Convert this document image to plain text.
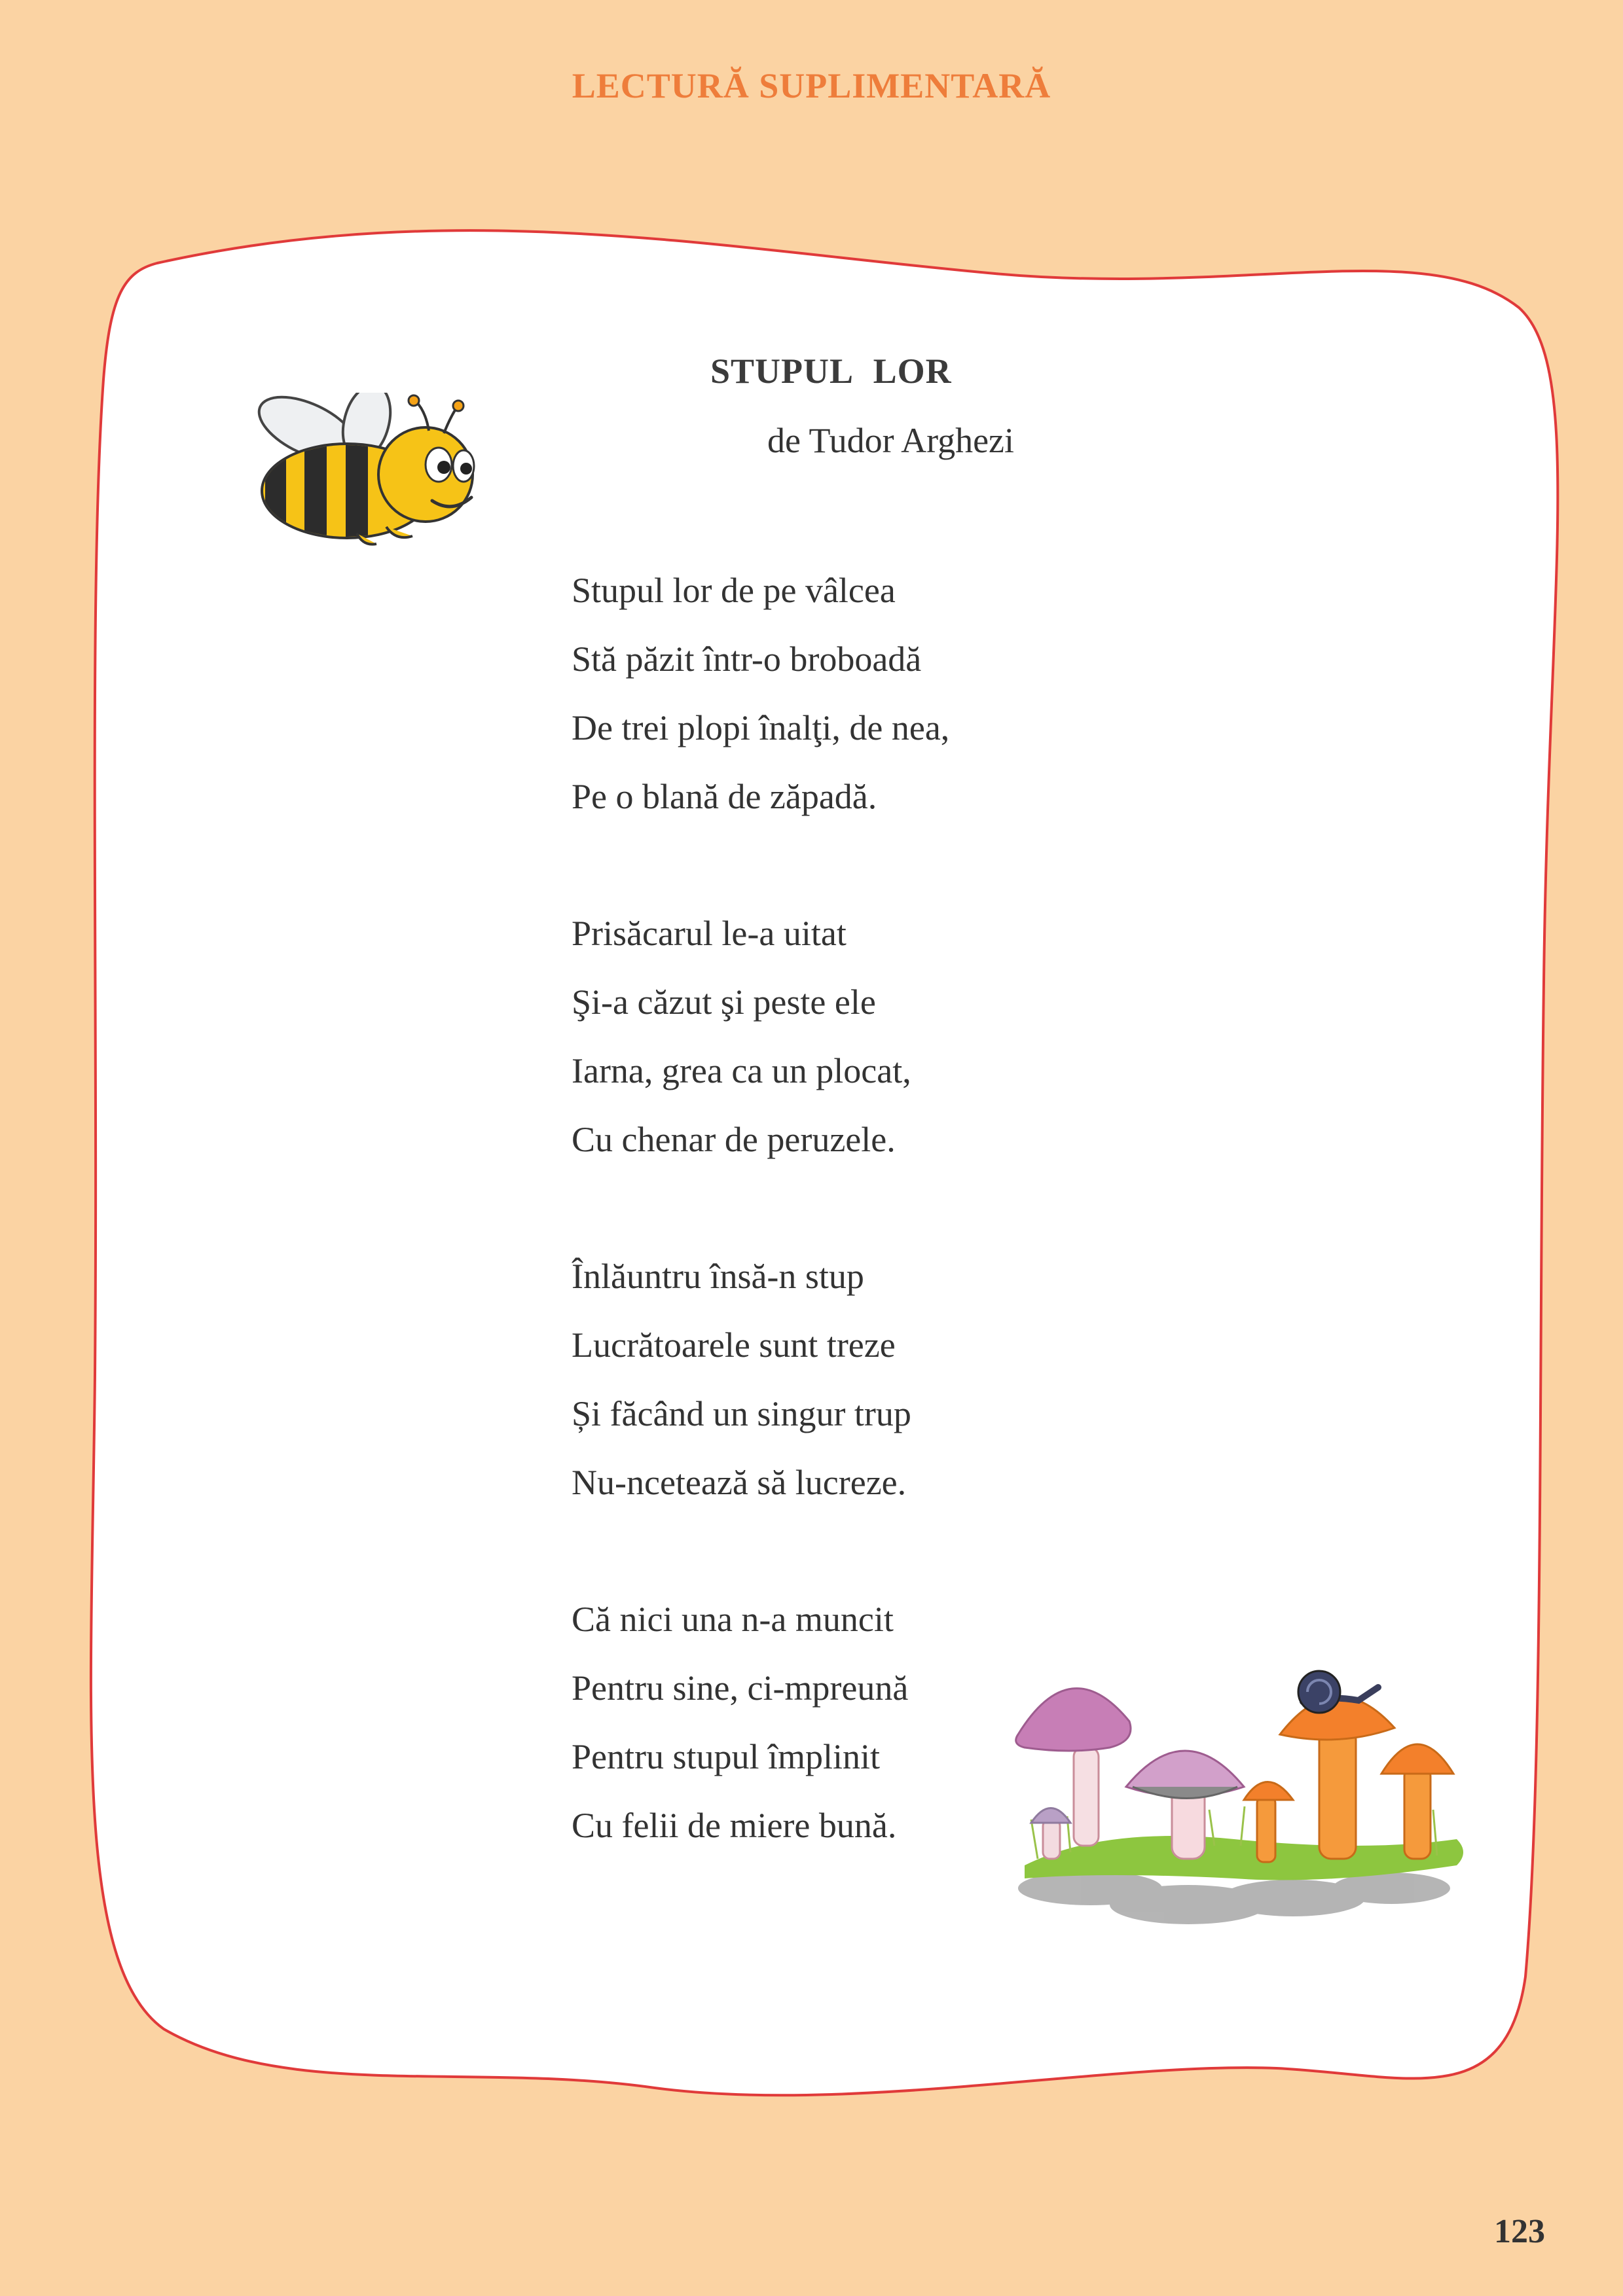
LECTURĂ SUPLIMENTARĂ
STUPUL LOR
de Tudor Arghezi
Stupul lor de pe vâlcea
Stă păzit într-o broboadă
De trei plopi înalţi, de nea,
Pe o blană de zăpadă.
Prisăcarul le-a uitat
Şi-a căzut şi peste ele
Iarna, grea ca un plocat,
Cu chenar de peruzele.
Înlăuntru însă-n stup
Lucrătoarele sunt treze
Și făcând un singur trup
Nu-ncetează să lucreze.
Că nici una n-a muncit
Pentru sine, ci-mpreună
Pentru stupul împlinit
Cu felii de miere bună.
123
